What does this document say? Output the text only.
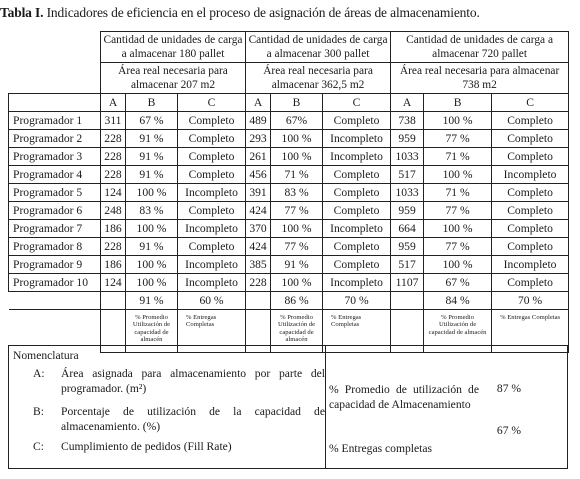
Tabla I. Indicadores de eficiencia en el proceso de asignación de áreas de almacenamiento.
	Cantidad de unidades de carga a almacenar 180 pallet			Cantidad de unidades de carga a almacenar 300 pallet			Cantidad de unidades de carga a almacenar 720 pallet		
	Área real necesaria para almacenar 207 m2			Área real necesaria para almacenar 362,5 m2			Área real necesaria para almacenar 738 m2		
	A	B	C	A	B	C	A	B	C
Programador 1	311	67 %	Completo	489	67%	Completo	738	100 %	Completo
Programador 2	228	91 %	Completo	293	100 %	Incompleto	959	77 %	Completo
Programador 3	228	91 %	Completo	261	100 %	Incompleto	1033	71 %	Completo
Programador 4	228	91 %	Completo	456	71 %	Completo	517	100 %	Incompleto
Programador 5	124	100 %	Incompleto	391	83 %	Completo	1033	71 %	Completo
Programador 6	248	83 %	Completo	424	77 %	Completo	959	77 %	Completo
Programador 7	186	100 %	Incompleto	370	100 %	Incompleto	664	100 %	Completo
Programador 8	228	91 %	Completo	424	77 %	Completo	959	77 %	Completo
Programador 9	186	100 %	Incompleto	385	91 %	Completo	517	100 %	Incompleto
Programador 10	124	100 %	Incompleto	228	100 %	Incompleto	1107	67 %	Completo
		91 %	60 %		86 %	70 %		84 %	70 %
		% Promedio Utilización de capacidad de almacén	% Entregas Completas		% Promedio Utilización de capacidad de almacén	% Entregas Completas		% Promedio Utilización de capacidad de almacén	% Entregas Completas
Nomenclatura
A:	Área asignada para almacenamiento por parte del programador. (m²)
B:	Porcentaje de utilización de la capacidad de almacenamiento. (%)
C:	Cumplimiento de pedidos (Fill Rate)
% Promedio de utilización de capacidad de Almacenamiento
87 %
% Entregas completas
67 %
